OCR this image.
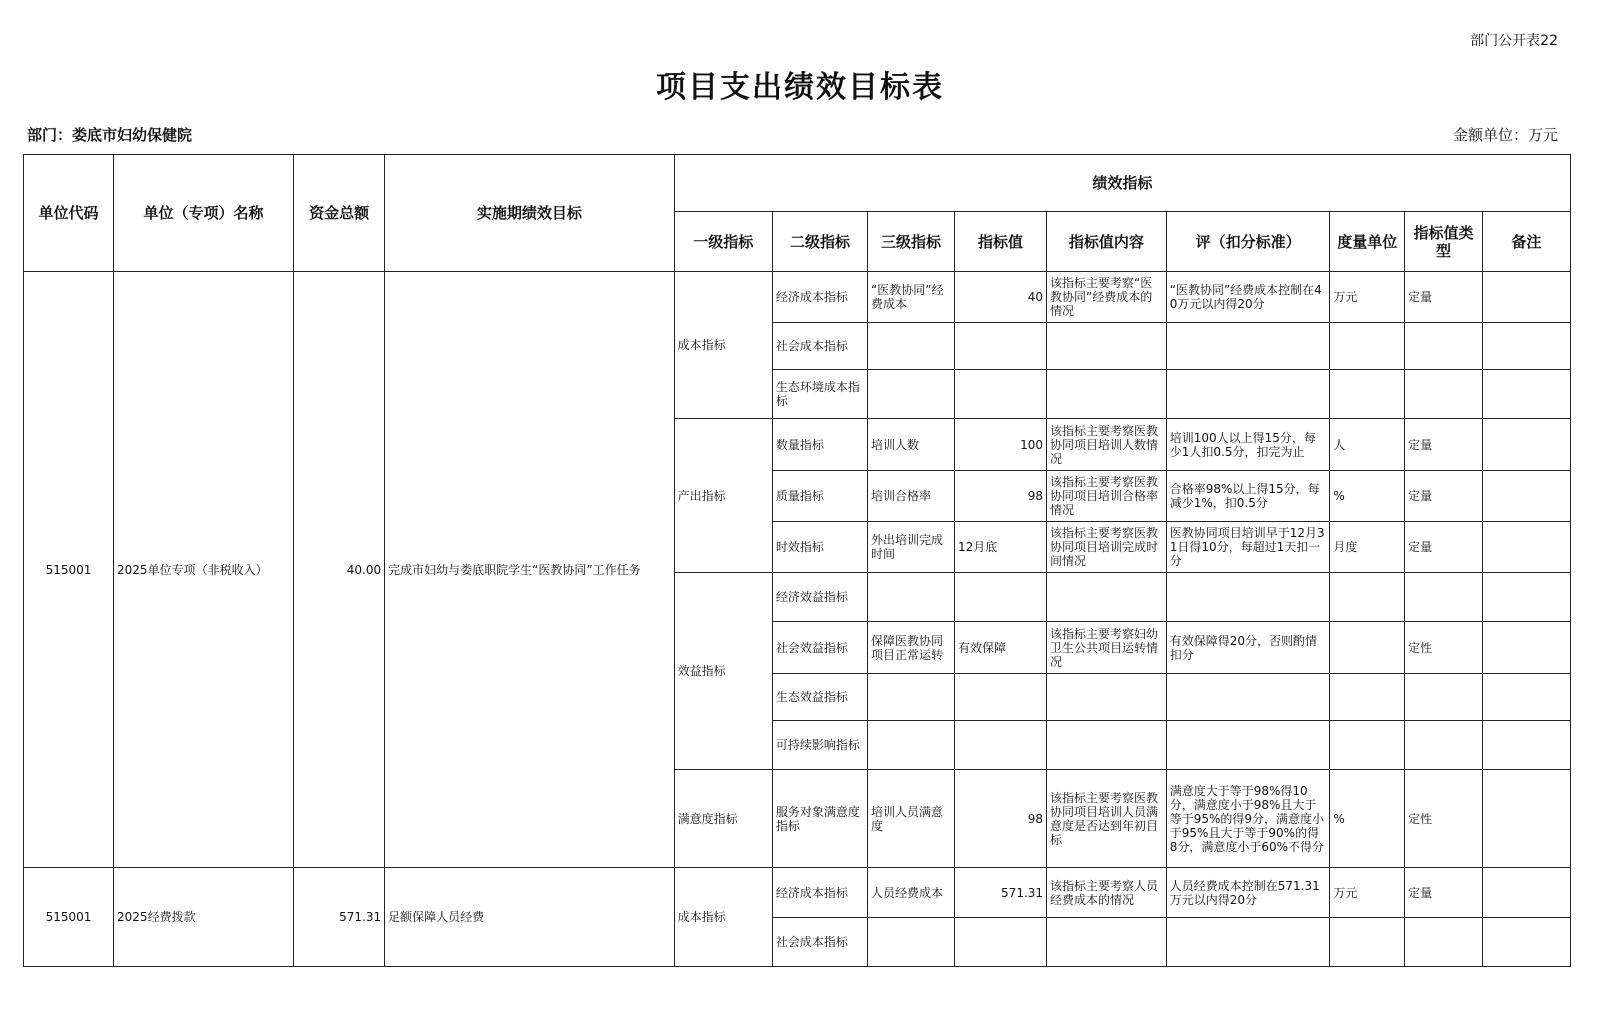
部门公开表22
项目支出绩效目标表
部门：娄底市妇幼保健院	金额单位：万元
单位代码	单位（专项）名称	资金总额	实施期绩效目标	绩效指标								
				一级指标	二级指标	三级指标	指标值	指标值内容	评（扣分标准）	度量单位	指标值类型	备注
515001	2025单位专项（非税收入）	40.00	完成市妇幼与娄底职院学生“医教协同”工作任务	成本指标	经济成本指标	“医教协同”经费成本	40	该指标主要考察“医教协同”经费成本的情况	“医教协同”经费成本控制在40万元以内得20分	万元	定量	
					社会成本指标							
					生态环境成本指标							
				产出指标	数量指标	培训人数	100	该指标主要考察医教协同项目培训人数情况	培训100人以上得15分，每少1人扣0.5分，扣完为止	人	定量	
					质量指标	培训合格率	98	该指标主要考察医教协同项目培训合格率情况	合格率98%以上得15分，每减少1%，扣0.5分	%	定量	
					时效指标	外出培训完成时间	12月底	该指标主要考察医教协同项目培训完成时间情况	医教协同项目培训早于12月31日得10分，每超过1天扣一分	月度	定量	
				效益指标	经济效益指标							
					社会效益指标	保障医教协同项目正常运转	有效保障	该指标主要考察妇幼卫生公共项目运转情况	有效保障得20分，否则酌情扣分		定性	
					生态效益指标							
					可持续影响指标							
				满意度指标	服务对象满意度指标	培训人员满意度	98	该指标主要考察医教协同项目培训人员满意度是否达到年初目标	满意度大于等于98%得10分，满意度小于98%且大于等于95%的得9分，满意度小于95%且大于等于90%的得8分，满意度小于60%不得分	%	定性	
515001	2025经费拨款	571.31	足额保障人员经费	成本指标	经济成本指标	人员经费成本	571.31	该指标主要考察人员经费成本的情况	人员经费成本控制在571.31万元以内得20分	万元	定量	
					社会成本指标							
